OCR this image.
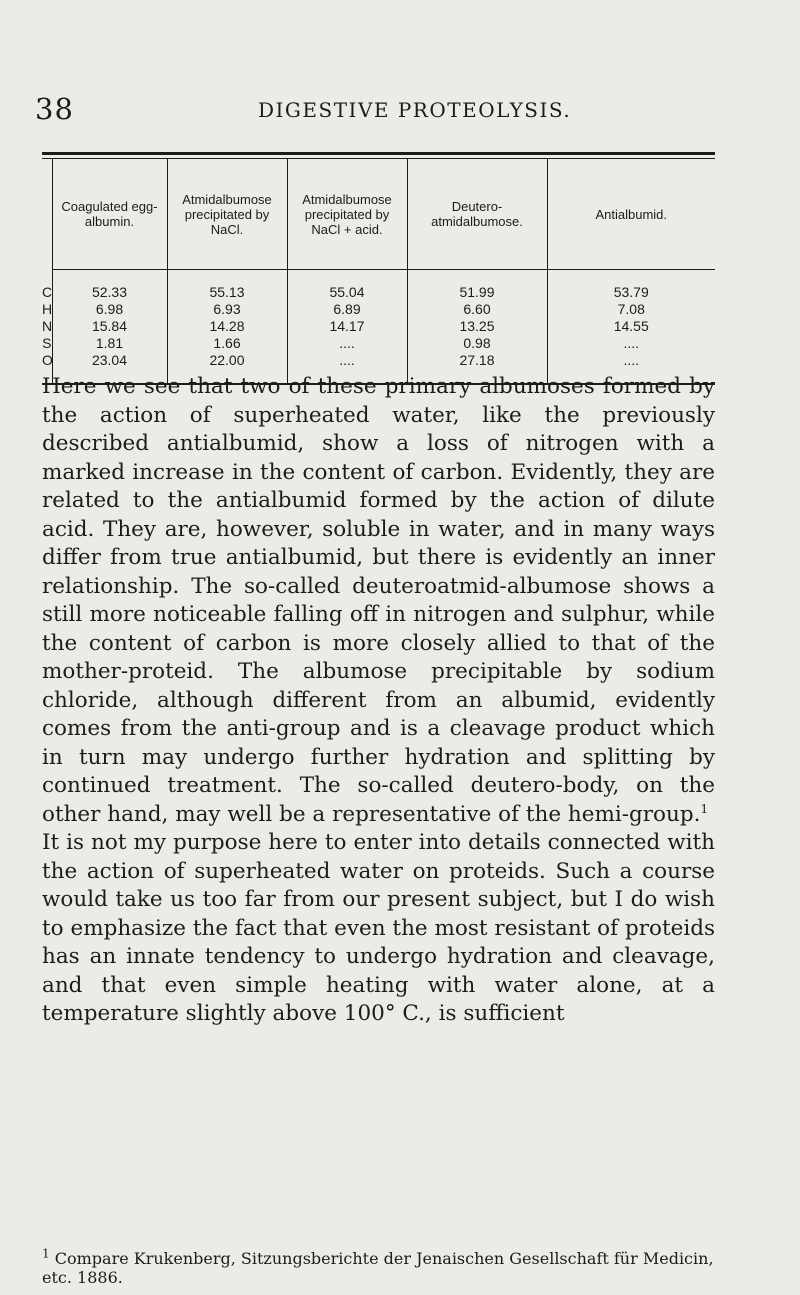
38	DIGESTIVE PROTEOLYSIS.
	Coagulated egg-albumin.	Atmidalbumose precipitated by NaCl.	Atmidalbumose precipitated by NaCl + acid.	Deutero-atmidalbumose.	Antialbumid.
C	52.33	55.13	55.04	51.99	53.79
H	6.98	6.93	6.89	6.60	7.08
N	15.84	14.28	14.17	13.25	14.55
S	1.81	1.66	....	0.98	....
O	23.04	22.00	....	27.18	....

Here we see that two of these primary albumoses formed by the action of superheated water, like the previously described antialbumid, show a loss of nitrogen with a marked increase in the content of carbon. Evidently, they are related to the antialbumid formed by the action of dilute acid. They are, however, soluble in water, and in many ways differ from true antialbumid, but there is evidently an inner relationship. The so-called deuteroatmid-albumose shows a still more noticeable falling off in nitrogen and sulphur, while the content of carbon is more closely allied to that of the mother-proteid. The albumose precipitable by sodium chloride, although different from an albumid, evidently comes from the anti-group and is a cleavage product which in turn may undergo further hydration and splitting by continued treatment. The so-called deutero-body, on the other hand, may well be a representative of the hemi-group.$^1$

It is not my purpose here to enter into details connected with the action of superheated water on proteids. Such a course would take us too far from our present subject, but I do wish to emphasize the fact that even the most resistant of proteids has an innate tendency to undergo hydration and cleavage, and that even simple heating with water alone, at a temperature slightly above 100° C., is sufficient

$^1$ Compare Krukenberg, Sitzungsberichte der Jenaischen Gesellschaft für Medicin, etc. 1886.
